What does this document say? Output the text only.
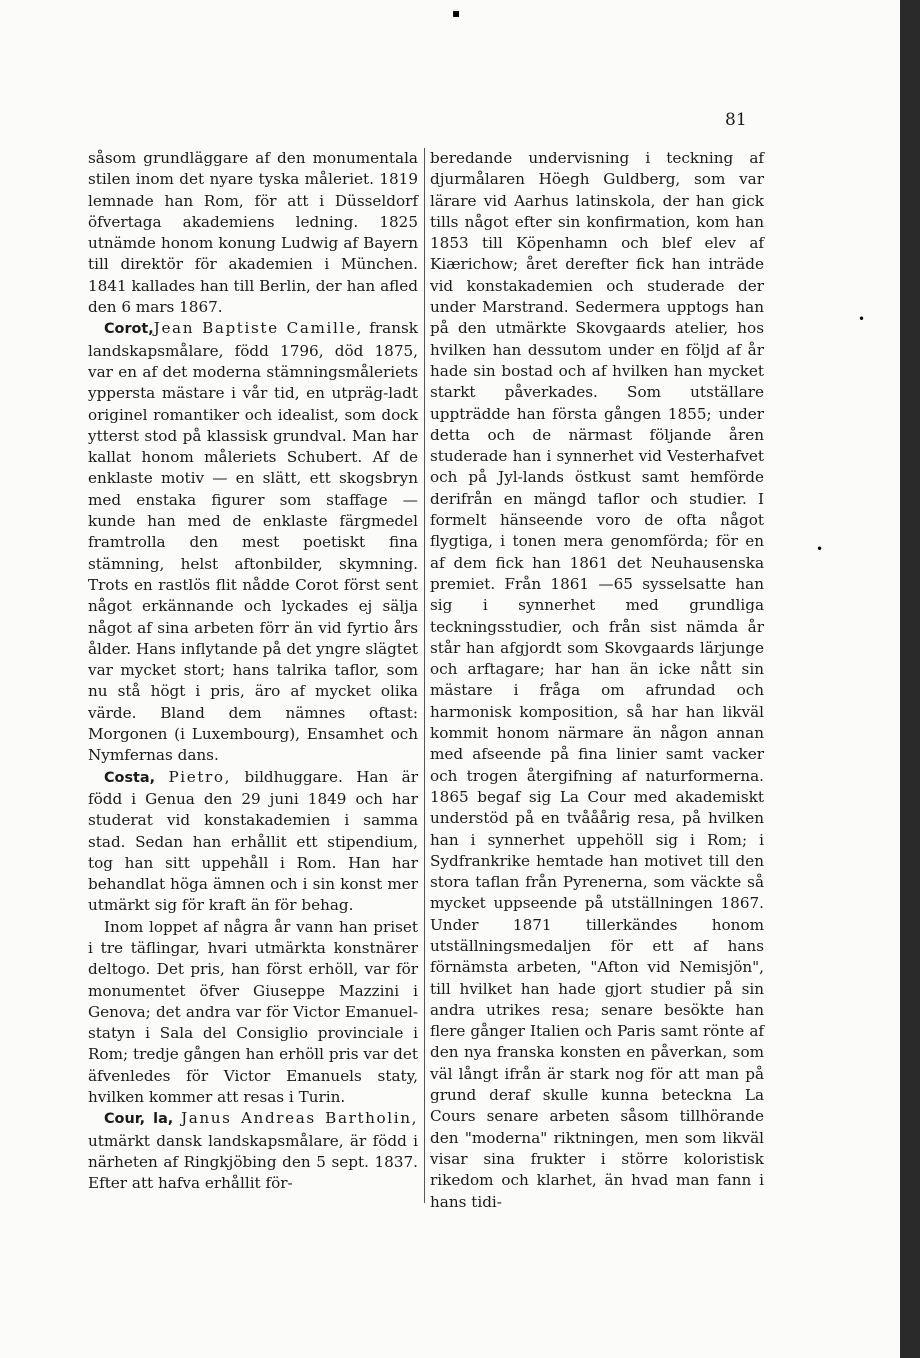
81

såsom grundläggare af den monumentala stilen inom det nyare tyska måleriet. 1819 lemnade han Rom, för att i Düsseldorf öfvertaga akademiens ledning. 1825 utnämde honom konung Ludwig af Bayern till direktör för akademien i München. 1841 kallades han till Berlin, der han afled den 6 mars 1867.

Corot,Jean Baptiste Camille, fransk landskapsmålare, född 1796, död 1875, var en af det moderna stämningsmåleriets yppersta mästare i vår tid, en utpräg-ladt originel romantiker och idealist, som dock ytterst stod på klassisk grundval. Man har kallat honom måleriets Schubert. Af de enklaste motiv — en slätt, ett skogsbryn med enstaka figurer som staffage — kunde han med de enklaste färgmedel framtrolla den mest poetiskt fina stämning, helst aftonbilder, skymning. Trots en rastlös flit nådde Corot först sent något erkännande och lyckades ej sälja något af sina arbeten förr än vid fyrtio års ålder. Hans inflytande på det yngre slägtet var mycket stort; hans talrika taflor, som nu stå högt i pris, äro af mycket olika värde. Bland dem nämnes oftast: Morgonen (i Luxembourg), Ensamhet och Nymfernas dans.

Costa, Pietro, bildhuggare. Han är född i Genua den 29 juni 1849 och har studerat vid konstakademien i samma stad. Sedan han erhållit ett stipendium, tog han sitt uppehåll i Rom. Han har behandlat höga ämnen och i sin konst mer utmärkt sig för kraft än för behag.

Inom loppet af några år vann han priset i tre täflingar, hvari utmärkta konstnärer deltogo. Det pris, han först erhöll, var för monumentet öfver Giuseppe Mazzini i Genova; det andra var för Victor Emanuel-statyn i Sala del Consiglio provinciale i Rom; tredje gången han erhöll pris var det äfvenledes för Victor Emanuels staty, hvilken kommer att resas i Turin.

Cour, la, Janus Andreas Bartholin, utmärkt dansk landskapsmålare, är född i närheten af Ringkjöbing den 5 sept. 1837. Efter att hafva erhållit för-

beredande undervisning i teckning af djurmålaren Höegh Guldberg, som var lärare vid Aarhus latinskola, der han gick tills något efter sin konfirmation, kom han 1853 till Köpenhamn och blef elev af Kiærichow; året derefter fick han inträde vid konstakademien och studerade der under Marstrand. Sedermera upptogs han på den utmärkte Skovgaards atelier, hos hvilken han dessutom under en följd af år hade sin bostad och af hvilken han mycket starkt påverkades. Som utställare uppträdde han första gången 1855; under detta och de närmast följande åren studerade han i synnerhet vid Vesterhafvet och på Jyl-lands östkust samt hemförde derifrån en mängd taflor och studier. I formelt hänseende voro de ofta något flygtiga, i tonen mera genomförda; för en af dem fick han 1861 det Neuhausenska premiet. Från 1861 —65 sysselsatte han sig i synnerhet med grundliga teckningsstudier, och från sist nämda år står han afgjordt som Skovgaards lärjunge och arftagare; har han än icke nått sin mästare i fråga om afrundad och harmonisk komposition, så har han likväl kommit honom närmare än någon annan med afseende på fina linier samt vacker och trogen återgifning af naturformerna. 1865 begaf sig La Cour med akademiskt understöd på en tvååårig resa, på hvilken han i synnerhet uppehöll sig i Rom; i Sydfrankrike hemtade han motivet till den stora taflan från Pyrenerna, som väckte så mycket uppseende på utställningen 1867. Under 1871 tillerkändes honom utställningsmedaljen för ett af hans förnämsta arbeten, "Afton vid Nemisjön", till hvilket han hade gjort studier på sin andra utrikes resa; senare besökte han flere gånger Italien och Paris samt rönte af den nya franska konsten en påverkan, som väl långt ifrån är stark nog för att man på grund deraf skulle kunna beteckna La Cours senare arbeten såsom tillhörande den "moderna" riktningen, men som likväl visar sina frukter i större koloristisk rikedom och klarhet, än hvad man fann i hans tidi-

▪
•
•
